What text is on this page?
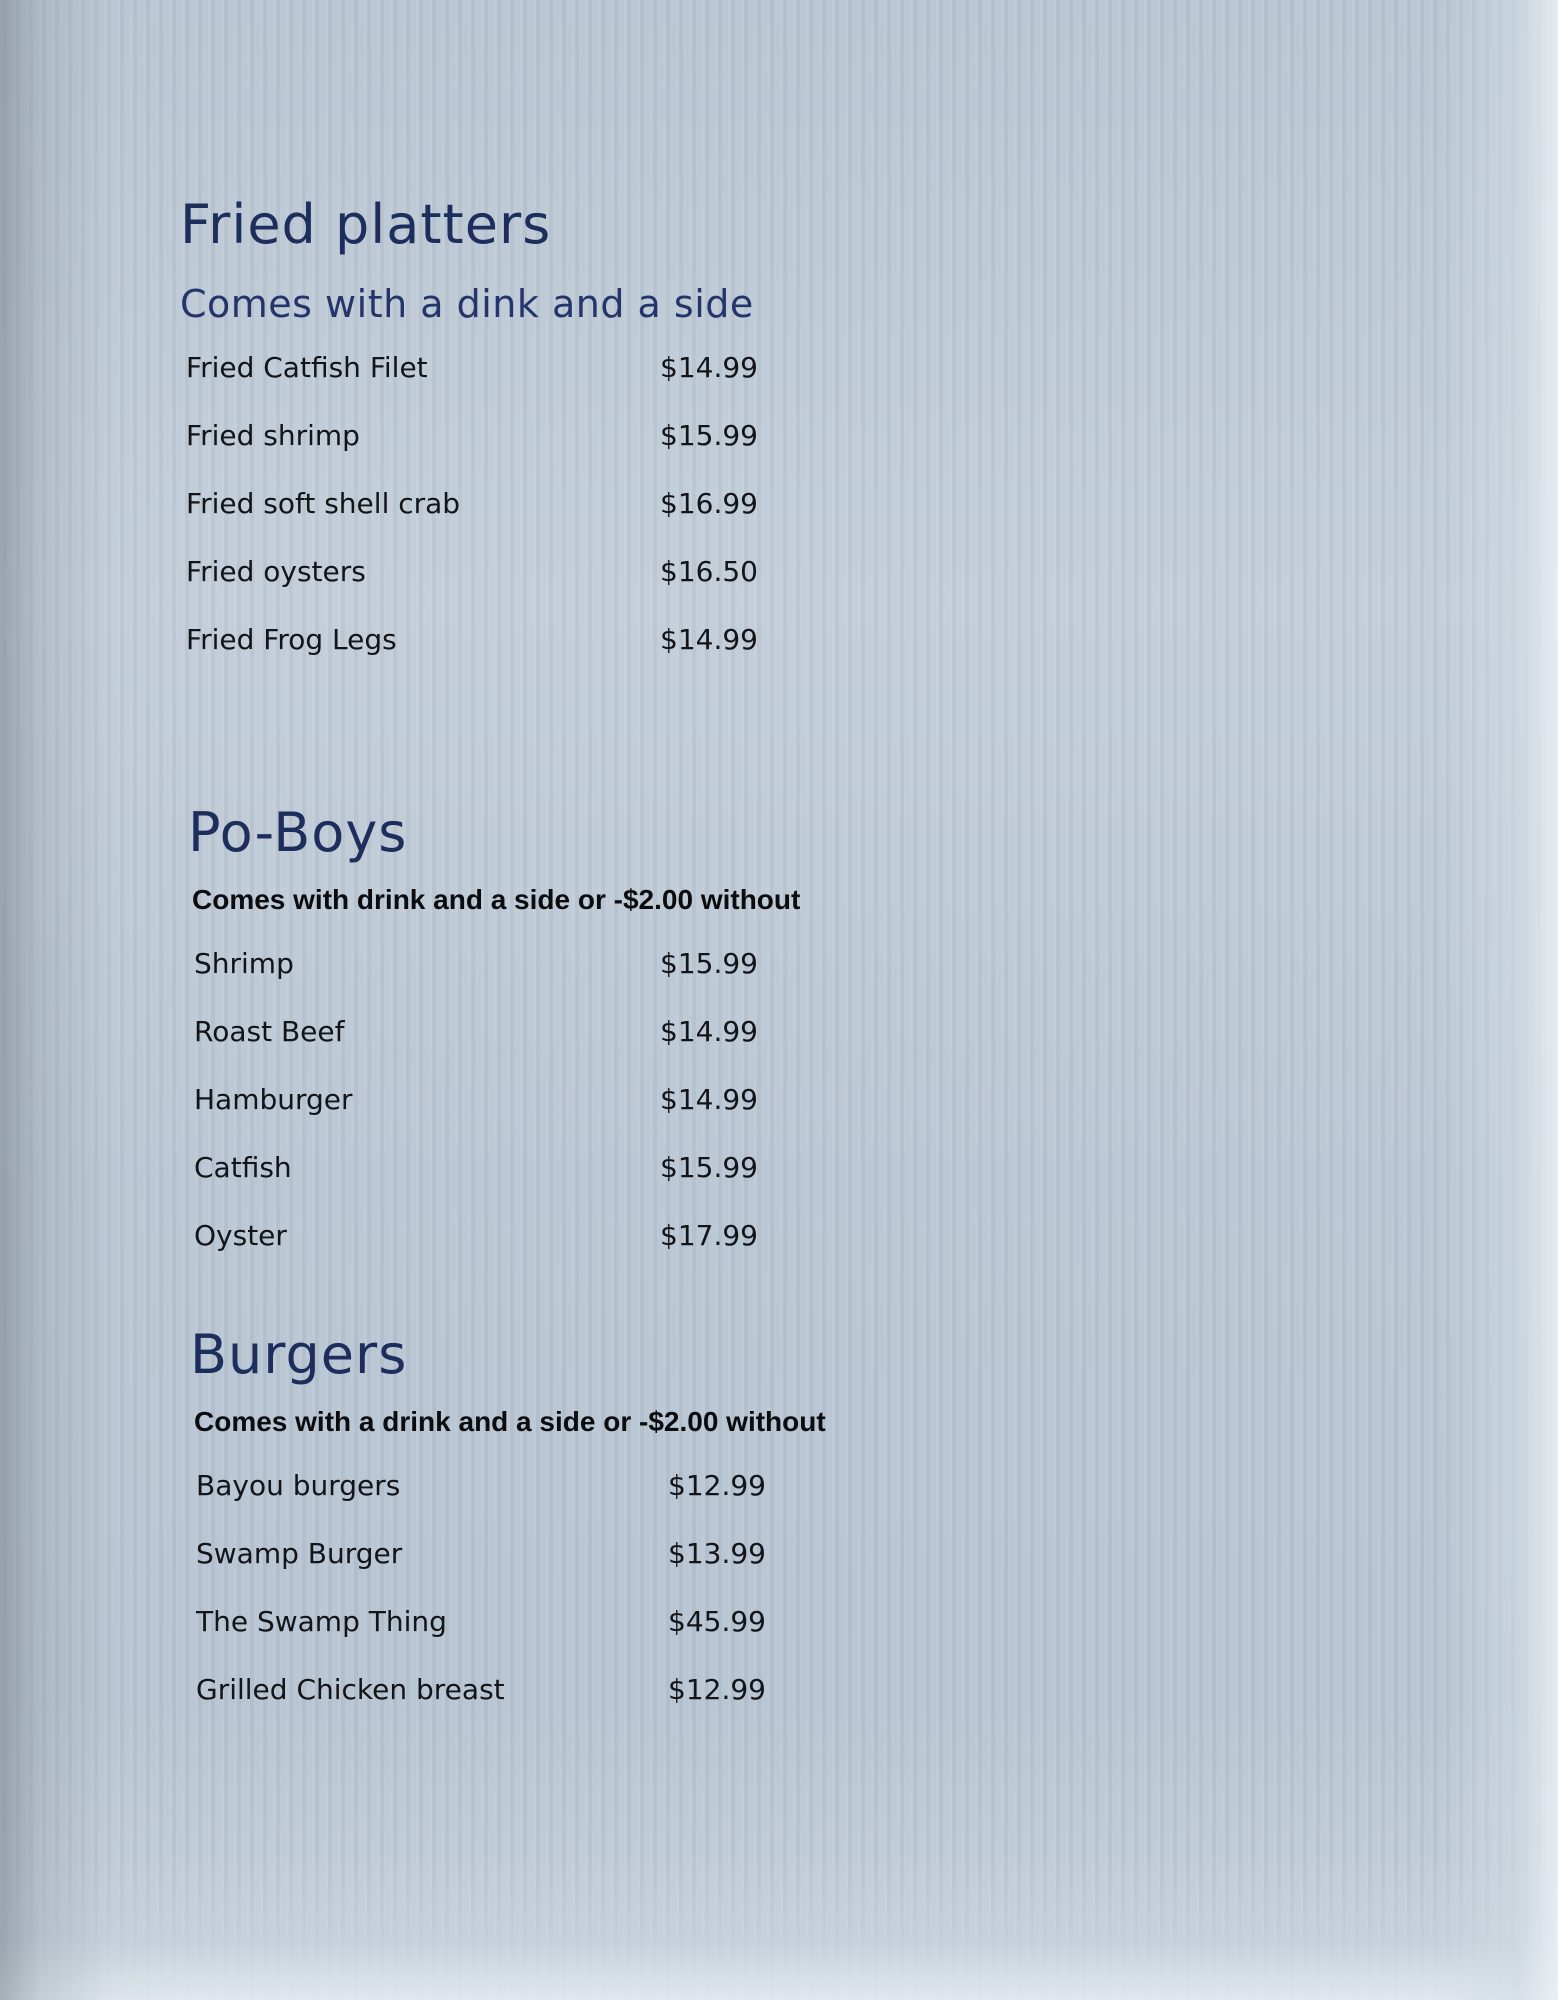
Fried platters
Comes with a dink and a side
Fried Catfish Filet	$14.99
Fried shrimp	$15.99
Fried soft shell crab	$16.99
Fried oysters	$16.50
Fried Frog Legs	$14.99
Po-Boys
Comes with drink and a side or -$2.00 without
Shrimp	$15.99
Roast Beef	$14.99
Hamburger	$14.99
Catfish	$15.99
Oyster	$17.99
Burgers
Comes with a drink and a side or -$2.00 without
Bayou burgers	$12.99
Swamp Burger	$13.99
The Swamp Thing	$45.99
Grilled Chicken breast	$12.99
